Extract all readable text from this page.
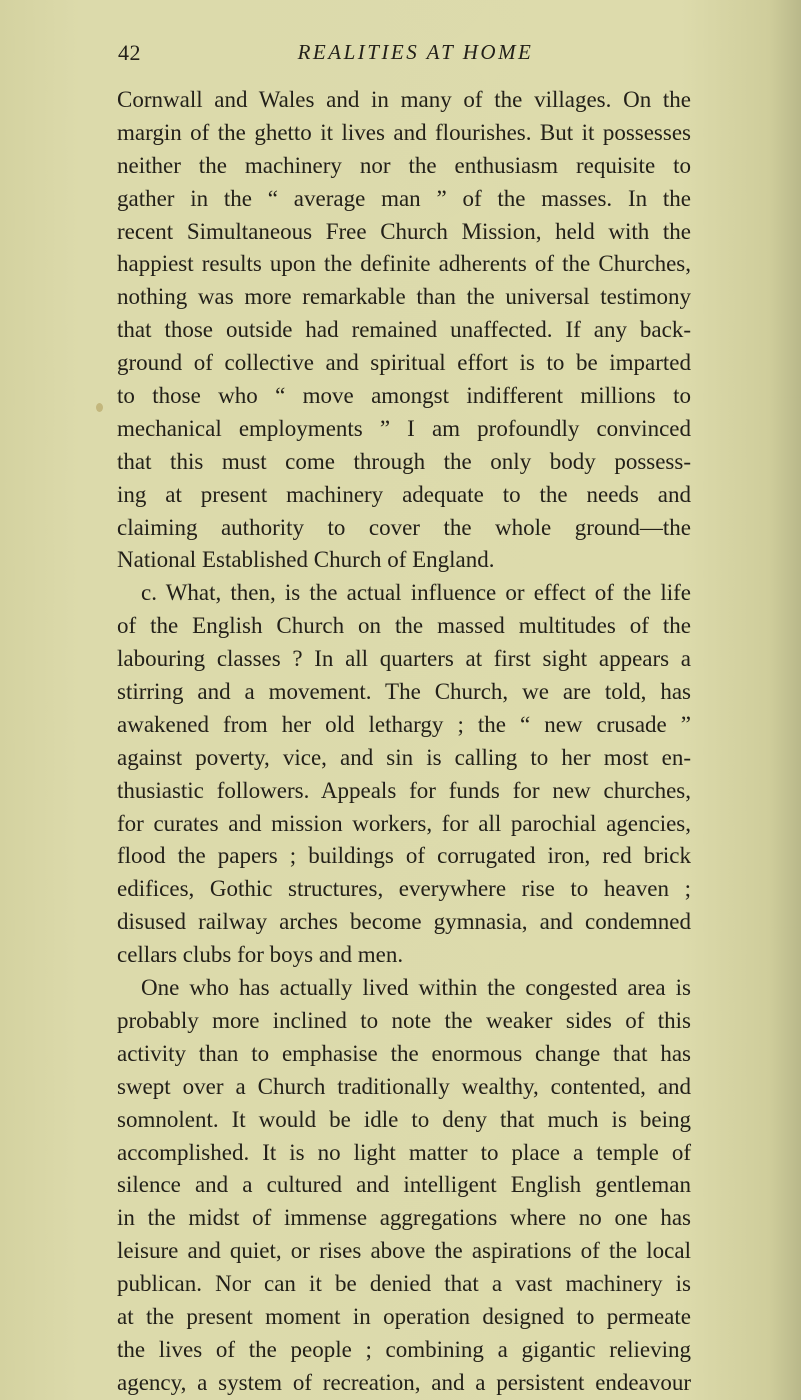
42	REALITIES AT HOME
Cornwall and Wales and in many of the villages. On the
margin of the ghetto it lives and flourishes. But it possesses
neither the machinery nor the enthusiasm requisite to
gather in the “ average man ” of the masses. In the
recent Simultaneous Free Church Mission, held with the
happiest results upon the definite adherents of the Churches,
nothing was more remarkable than the universal testimony
that those outside had remained unaffected. If any back-
ground of collective and spiritual effort is to be imparted
to those who “ move amongst indifferent millions to
mechanical employments ” I am profoundly convinced
that this must come through the only body possess-
ing at present machinery adequate to the needs and
claiming authority to cover the whole ground—the
National Established Church of England.
c. What, then, is the actual influence or effect of the life
of the English Church on the massed multitudes of the
labouring classes ? In all quarters at first sight appears a
stirring and a movement. The Church, we are told, has
awakened from her old lethargy ; the “ new crusade ”
against poverty, vice, and sin is calling to her most en-
thusiastic followers. Appeals for funds for new churches,
for curates and mission workers, for all parochial agencies,
flood the papers ; buildings of corrugated iron, red brick
edifices, Gothic structures, everywhere rise to heaven ;
disused railway arches become gymnasia, and condemned
cellars clubs for boys and men.
One who has actually lived within the congested area is
probably more inclined to note the weaker sides of this
activity than to emphasise the enormous change that has
swept over a Church traditionally wealthy, contented, and
somnolent. It would be idle to deny that much is being
accomplished. It is no light matter to place a temple of
silence and a cultured and intelligent English gentleman
in the midst of immense aggregations where no one has
leisure and quiet, or rises above the aspirations of the local
publican. Nor can it be denied that a vast machinery is
at the present moment in operation designed to permeate
the lives of the people ; combining a gigantic relieving
agency, a system of recreation, and a persistent endeavour
